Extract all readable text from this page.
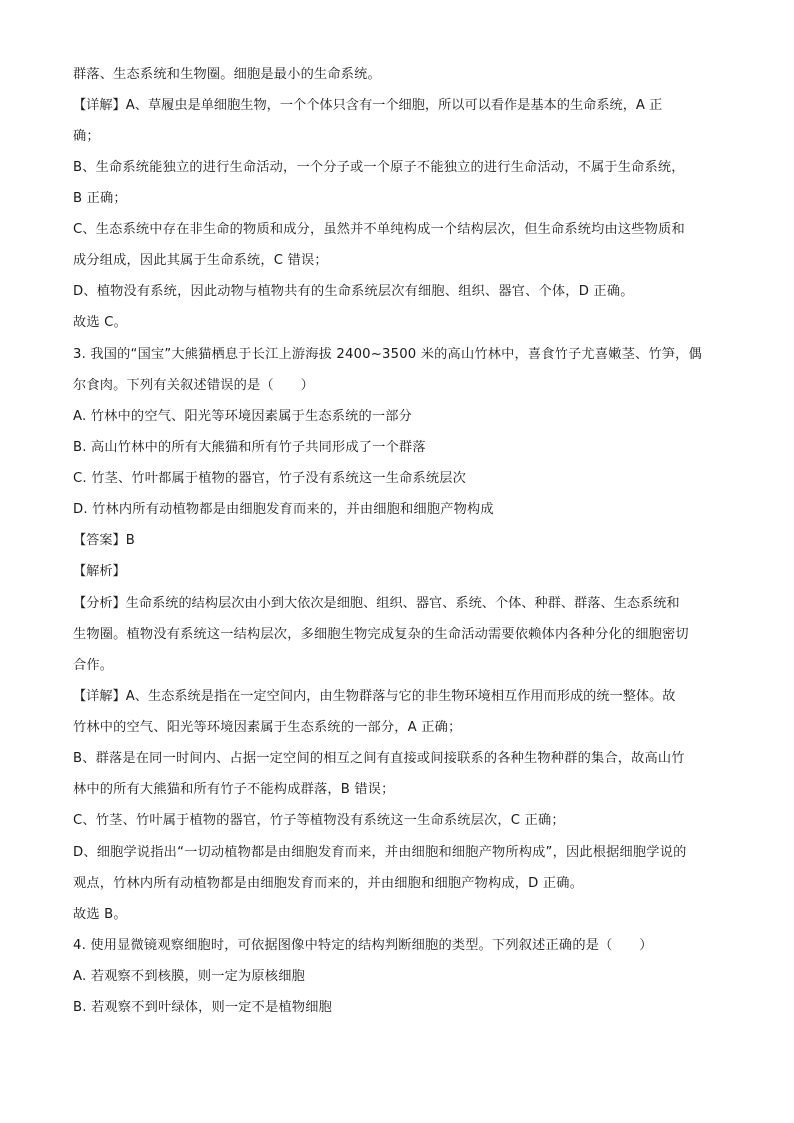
群落、生态系统和生物圈。细胞是最小的生命系统。
【详解】A、草履虫是单细胞生物，一个个体只含有一个细胞，所以可以看作是基本的生命系统，A 正
确；
B、生命系统能独立的进行生命活动，一个分子或一个原子不能独立的进行生命活动，不属于生命系统，
B 正确；
C、生态系统中存在非生命的物质和成分，虽然并不单纯构成一个结构层次，但生命系统均由这些物质和
成分组成，因此其属于生命系统，C 错误；
D、植物没有系统，因此动物与植物共有的生命系统层次有细胞、组织、器官、个体，D 正确。
故选 C。
3. 我国的“国宝”大熊猫栖息于长江上游海拔 2400~3500 米的高山竹林中，喜食竹子尤喜嫩茎、竹笋，偶
尔食肉。下列有关叙述错误的是（　　）
A. 竹林中的空气、阳光等环境因素属于生态系统的一部分
B. 高山竹林中的所有大熊猫和所有竹子共同形成了一个群落
C. 竹茎、竹叶都属于植物的器官，竹子没有系统这一生命系统层次
D. 竹林内所有动植物都是由细胞发育而来的，并由细胞和细胞产物构成
【答案】B
【解析】
【分析】生命系统的结构层次由小到大依次是细胞、组织、器官、系统、个体、种群、群落、生态系统和
生物圈。植物没有系统这一结构层次，多细胞生物完成复杂的生命活动需要依赖体内各种分化的细胞密切
合作。
【详解】A、生态系统是指在一定空间内，由生物群落与它的非生物环境相互作用而形成的统一整体。故
竹林中的空气、阳光等环境因素属于生态系统的一部分，A 正确；
B、群落是在同一时间内、占据一定空间的相互之间有直接或间接联系的各种生物种群的集合，故高山竹
林中的所有大熊猫和所有竹子不能构成群落，B 错误；
C、竹茎、竹叶属于植物的器官，竹子等植物没有系统这一生命系统层次，C 正确；
D、细胞学说指出“一切动植物都是由细胞发育而来，并由细胞和细胞产物所构成”，因此根据细胞学说的
观点，竹林内所有动植物都是由细胞发育而来的，并由细胞和细胞产物构成，D 正确。
故选 B。
4. 使用显微镜观察细胞时，可依据图像中特定的结构判断细胞的类型。下列叙述正确的是（　　）
A. 若观察不到核膜，则一定为原核细胞
B. 若观察不到叶绿体，则一定不是植物细胞
